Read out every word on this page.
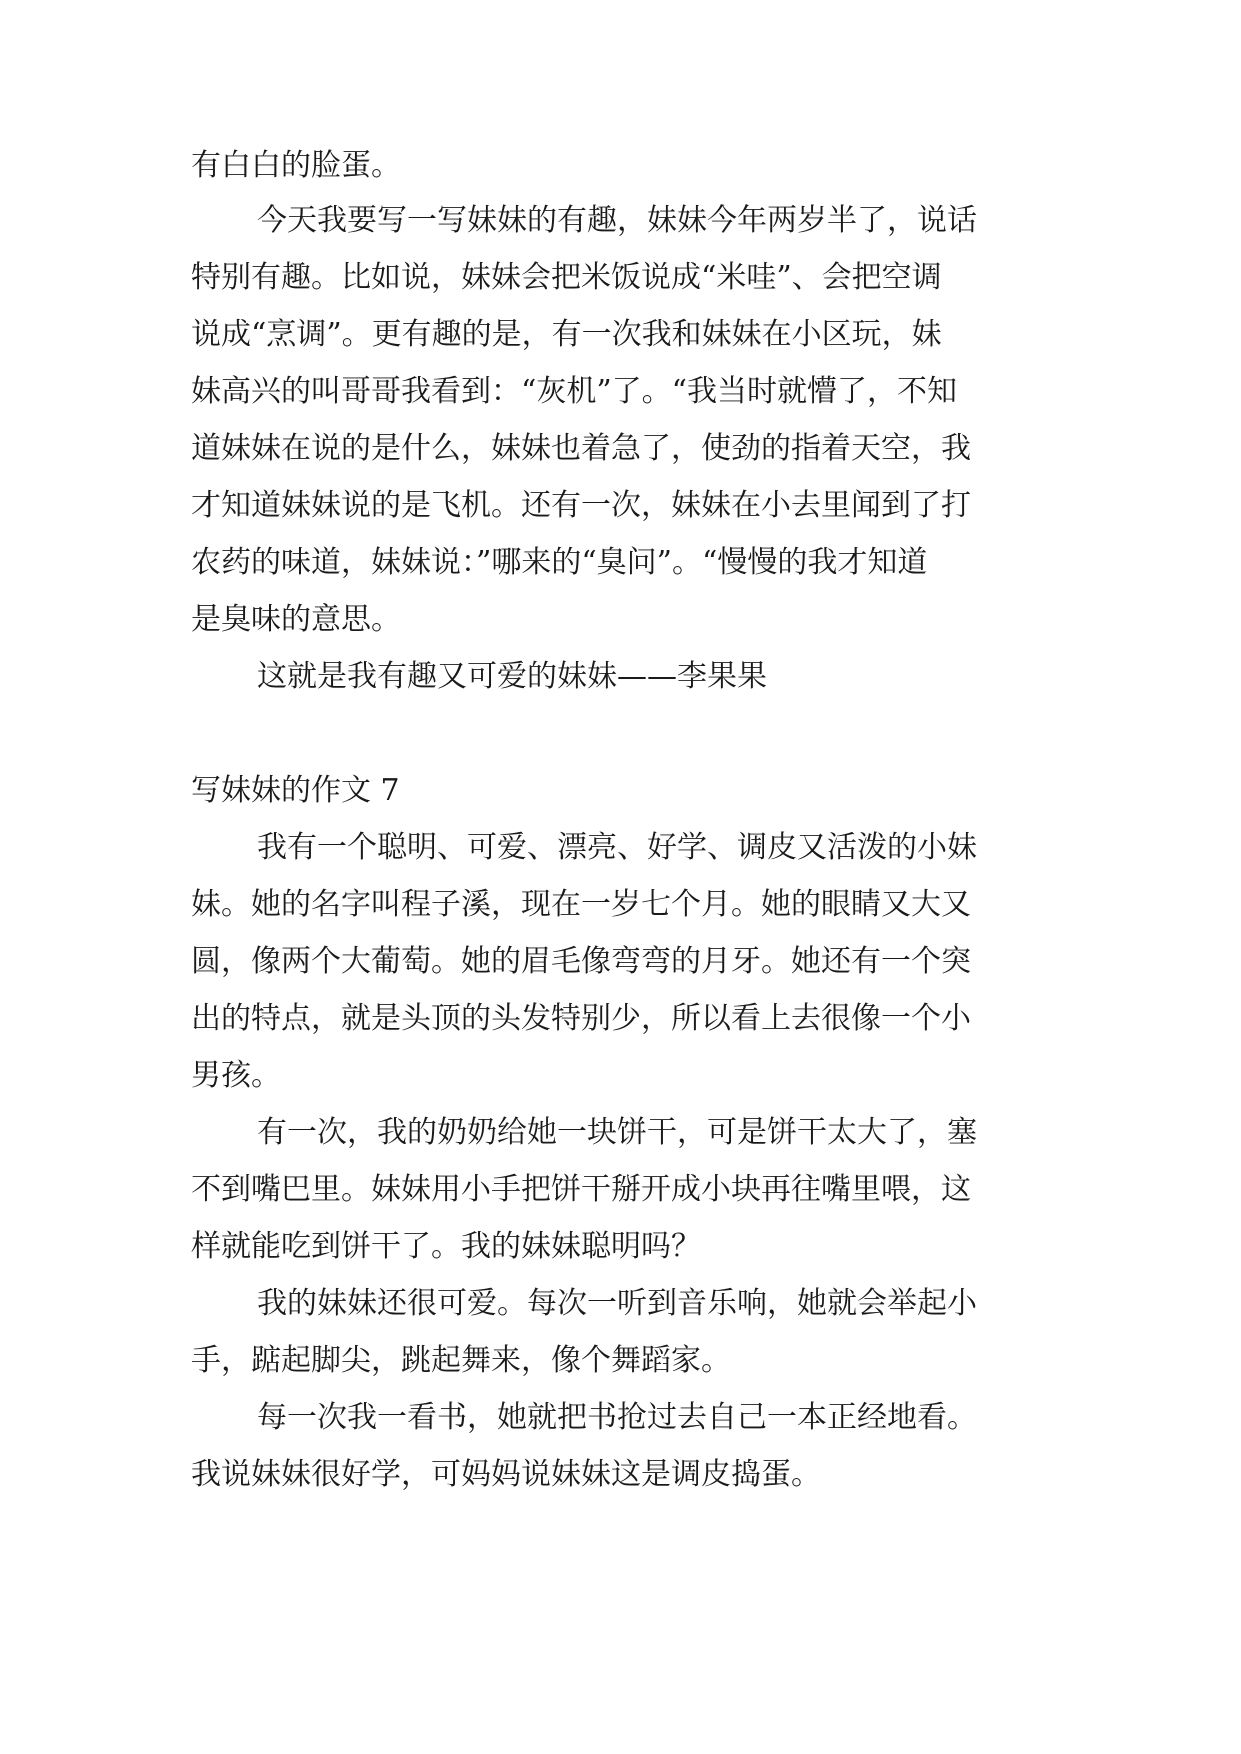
有白白的脸蛋。
今天我要写一写妹妹的有趣，妹妹今年两岁半了，说话
特别有趣。比如说，妹妹会把米饭说成“米哇”、会把空调
说成“烹调”。更有趣的是，有一次我和妹妹在小区玩，妹
妹高兴的叫哥哥我看到：“灰机”了。“我当时就懵了，不知
道妹妹在说的是什么，妹妹也着急了，使劲的指着天空，我
才知道妹妹说的是飞机。还有一次，妹妹在小去里闻到了打
农药的味道，妹妹说：”哪来的“臭问”。“慢慢的我才知道
是臭味的意思。
这就是我有趣又可爱的妹妹——李果果
写妹妹的作文 7
我有一个聪明、可爱、漂亮、好学、调皮又活泼的小妹
妹。她的名字叫程子溪，现在一岁七个月。她的眼睛又大又
圆，像两个大葡萄。她的眉毛像弯弯的月牙。她还有一个突
出的特点，就是头顶的头发特别少，所以看上去很像一个小
男孩。
有一次，我的奶奶给她一块饼干，可是饼干太大了，塞
不到嘴巴里。妹妹用小手把饼干掰开成小块再往嘴里喂，这
样就能吃到饼干了。我的妹妹聪明吗？
我的妹妹还很可爱。每次一听到音乐响，她就会举起小
手，踮起脚尖，跳起舞来，像个舞蹈家。
每一次我一看书，她就把书抢过去自己一本正经地看。
我说妹妹很好学，可妈妈说妹妹这是调皮捣蛋。
